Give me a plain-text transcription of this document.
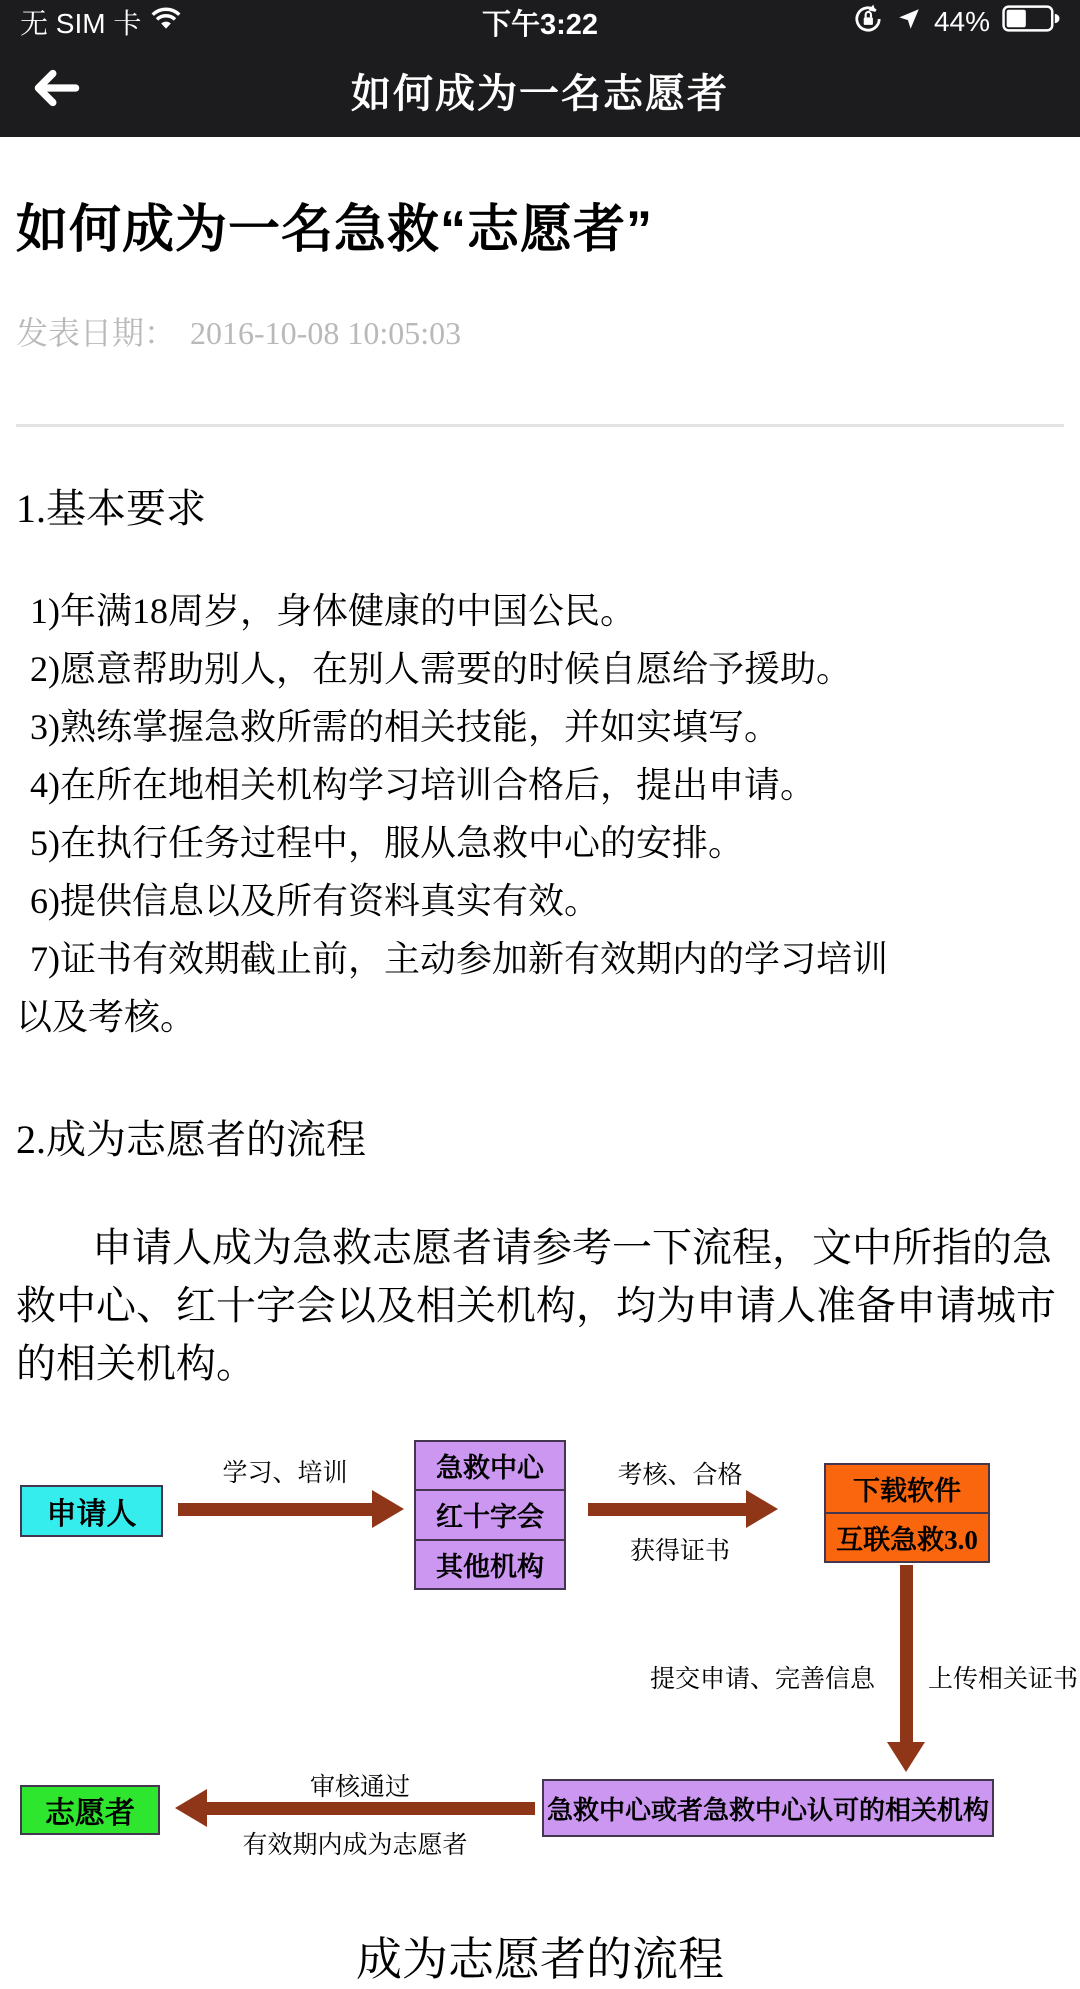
无 SIM 卡	下午3:22	44%
如何成为一名志愿者
如何成为一名急救“志愿者”
发表日期： 2016-10-08 10:05:03
1.基本要求

1)年满18周岁，身体健康的中国公民。

2)愿意帮助别人，在别人需要的时候自愿给予援助。

3)熟练掌握急救所需的相关技能，并如实填写。

4)在所在地相关机构学习培训合格后，提出申请。

5)在执行任务过程中，服从急救中心的安排。

6)提供信息以及所有资料真实有效。

7)证书有效期截止前，主动参加新有效期内的学习培训以及考核。

2.成为志愿者的流程

申请人成为急救志愿者请参考一下流程，文中所指的急救中心、红十字会以及相关机构，均为申请人准备申请城市的相关机构。

申请人
学习、培训	急救中心
红十字会
其他机构
考核、合格
获得证书
下载软件
互联急救3.0
提交申请、完善信息 上传相关证书
急救中心或者急救中心认可的相关机构
审核通过
有效期内成为志愿者
志愿者
成为志愿者的流程
